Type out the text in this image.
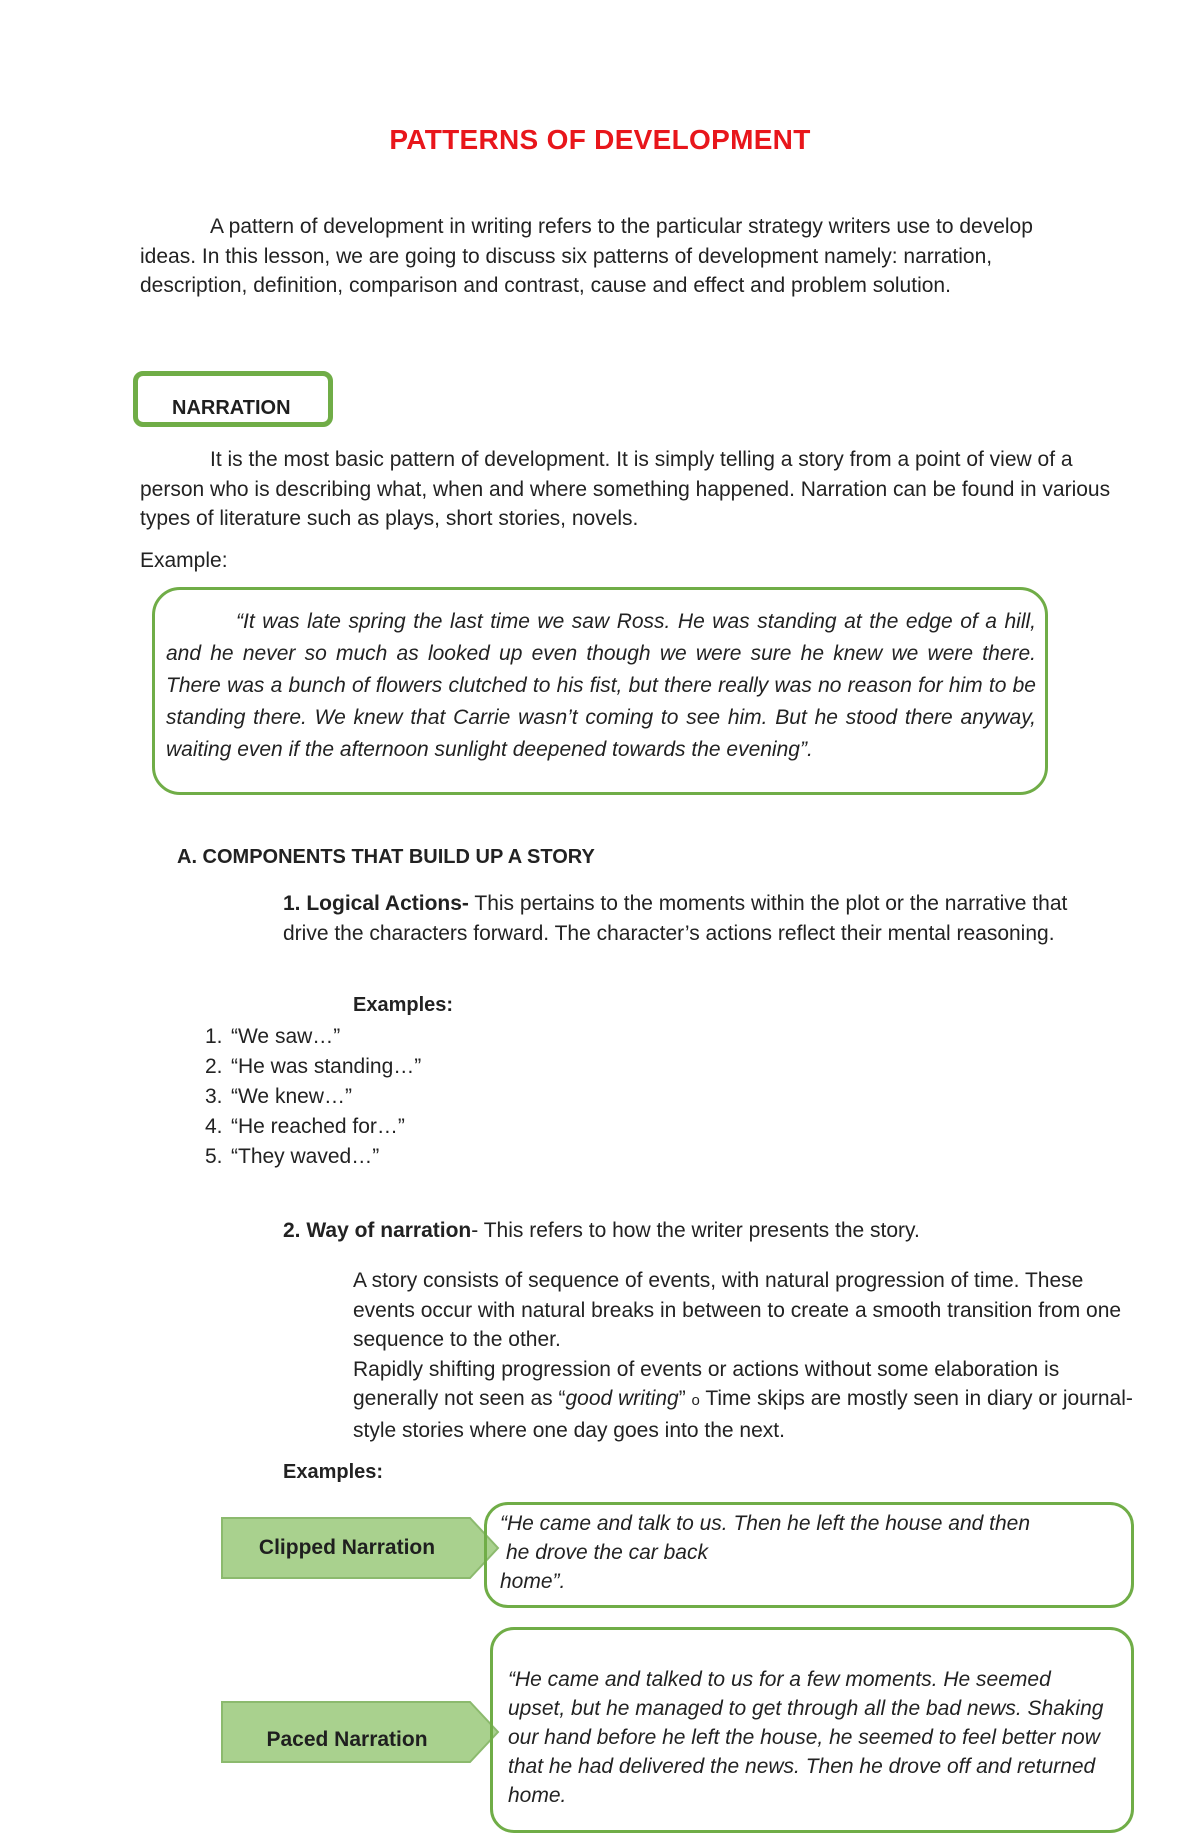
PATTERNS OF DEVELOPMENT
A pattern of development in writing refers to the particular strategy writers use to develop ideas. In this lesson, we are going to discuss six patterns of development namely: narration, description, definition, comparison and contrast, cause and effect and problem solution.
NARRATION
It is the most basic pattern of development. It is simply telling a story from a point of view of a person who is describing what, when and where something happened. Narration can be found in various types of literature such as plays, short stories, novels.
Example:
“It was late spring the last time we saw Ross. He was standing at the edge of a hill, and he never so much as looked up even though we were sure he knew we were there. There was a bunch of flowers clutched to his fist, but there really was no reason for him to be standing there. We knew that Carrie wasn’t coming to see him. But he stood there anyway, waiting even if the afternoon sunlight deepened towards the evening”.
A. COMPONENTS THAT BUILD UP A STORY
1. Logical Actions- This pertains to the moments within the plot or the narrative that drive the characters forward. The character’s actions reflect their mental reasoning.
Examples:
1. “We saw…”
2. “He was standing…”
3. “We knew…”
4. “He reached for…”
5. “They waved…”
2. Way of narration- This refers to how the writer presents the story.
A story consists of sequence of events, with natural progression of time. These events occur with natural breaks in between to create a smooth transition from one sequence to the other.
Rapidly shifting progression of events or actions without some elaboration is generally not seen as “good writing” o Time skips are mostly seen in diary or journal-style stories where one day goes into the next.
Examples:
Clipped Narration
“He came and talk to us. Then he left the house and then
he drove the car back
home”.
Paced Narration
“He came and talked to us for a few moments. He seemed upset, but he managed to get through all the bad news. Shaking our hand before he left the house, he seemed to feel better now that he had delivered the news. Then he drove off and returned home.
